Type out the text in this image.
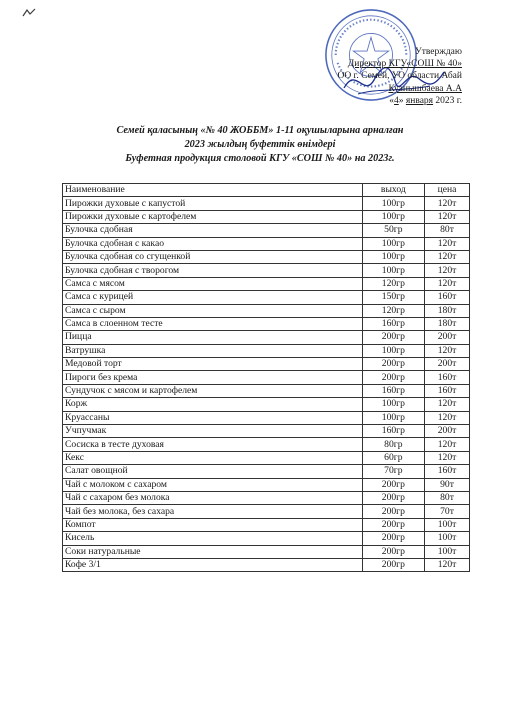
Утверждаю
Директор КГУ«СОШ № 40»
ОО г. Семей, УО области Абай
Куанышбаева А.А
«4» января 2023 г.
Семей қаласының «№ 40 ЖОББМ» 1-11 оқушыларына арналған
2023 жылдың буфеттік өнімдері
Буфетная продукция столовой КГУ «СОШ № 40» на 2023г.
Наименование	выход	цена
Пирожки духовые с капустой	100гр	120т
Пирожки духовые с картофелем	100гр	120т
Булочка сдобная	50гр	80т
Булочка сдобная с какао	100гр	120т
Булочка сдобная со сгущенкой	100гр	120т
Булочка сдобная с творогом	100гр	120т
Самса с мясом	120гр	120т
Самса с курицей	150гр	160т
Самса с сыром	120гр	180т
Самса в слоенном тесте	160гр	180т
Пицца	200гр	200т
Ватрушка	100гр	120т
Медовой торт	200гр	200т
Пироги без крема	200гр	160т
Сундучок с мясом и картофелем	160гр	160т
Корж	100гр	120т
Круассаны	100гр	120т
Учпучмак	160гр	200т
Сосиска в тесте духовая	80гр	120т
Кекс	60гр	120т
Салат овощной	70гр	160т
Чай с молоком с сахаром	200гр	90т
Чай с сахаром без молока	200гр	80т
Чай без молока, без сахара	200гр	70т
Компот	200гр	100т
Кисель	200гр	100т
Соки натуральные	200гр	100т
Кофе 3/1	200гр	120т
